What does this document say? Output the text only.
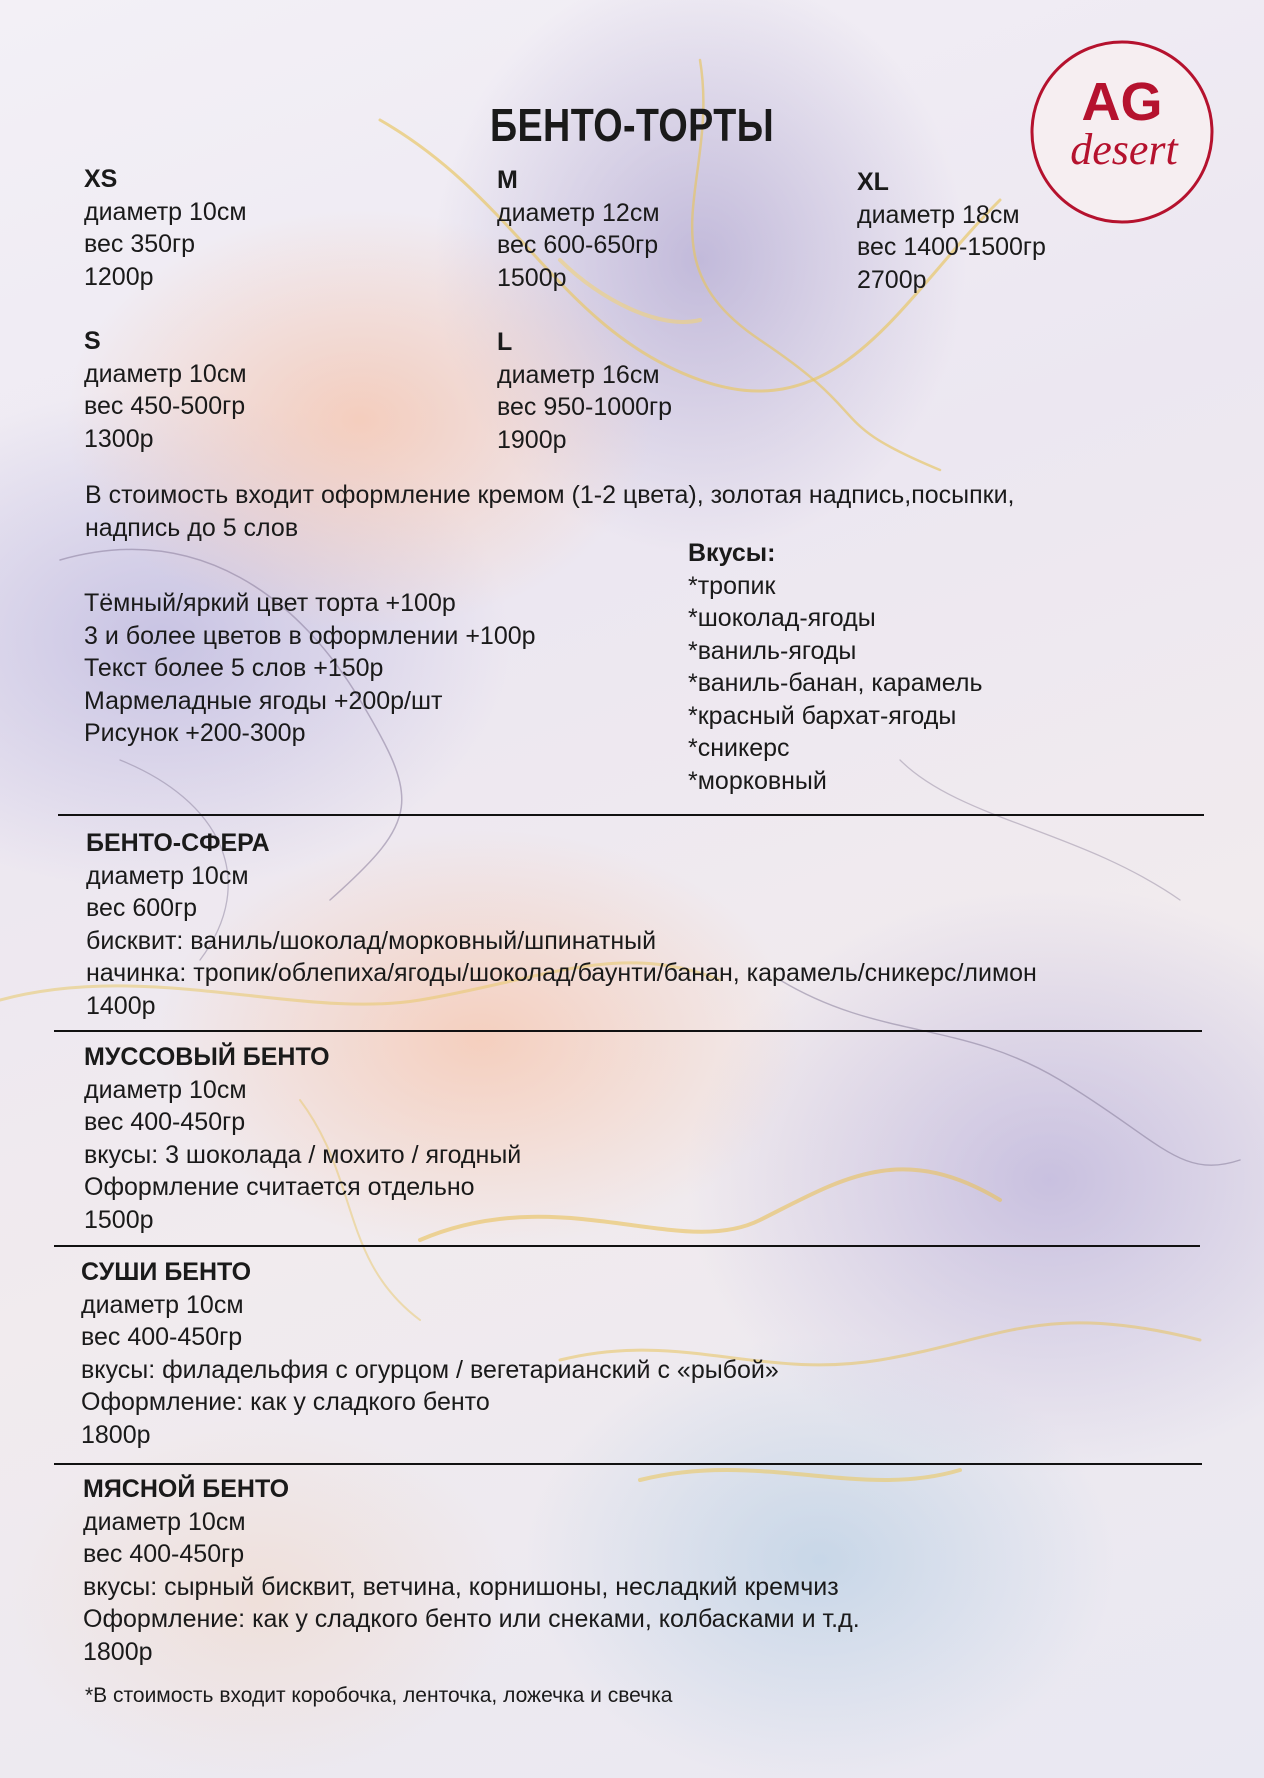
AG
desert
БЕНТО-ТОРТЫ
XS
диаметр 10см
вес 350гр
1200р
M
диаметр 12см
вес 600-650гр
1500р
XL
диаметр 18см
вес 1400-1500гр
2700р
S
диаметр 10см
вес 450-500гр
1300р
L
диаметр 16см
вес 950-1000гр
1900р
В стоимость входит оформление кремом (1-2 цвета), золотая надпись,посыпки,
надпись до 5 слов
Тёмный/яркий цвет торта +100р
3 и более цветов в оформлении +100р
Текст более 5 слов +150р
Мармеладные ягоды +200р/шт
Рисунок +200-300р
Вкусы:
*тропик
*шоколад-ягоды
*ваниль-ягоды
*ваниль-банан, карамель
*красный бархат-ягоды
*сникерс
*морковный
БЕНТО-СФЕРА
диаметр 10см
вес 600гр
бисквит: ваниль/шоколад/морковный/шпинатный
начинка: тропик/облепиха/ягоды/шоколад/баунти/банан, карамель/сникерс/лимон
1400р
МУССОВЫЙ БЕНТО
диаметр 10см
вес 400-450гр
вкусы: 3 шоколада / мохито / ягодный
Оформление считается отдельно
1500р
СУШИ БЕНТО
диаметр 10см
вес 400-450гр
вкусы: филадельфия с огурцом / вегетарианский с «рыбой»
Оформление: как у сладкого бенто
1800р
МЯСНОЙ БЕНТО
диаметр 10см
вес 400-450гр
вкусы: сырный бисквит, ветчина, корнишоны, несладкий кремчиз
Оформление: как у сладкого бенто или снеками, колбасками и т.д.
1800р
*В стоимость входит коробочка, ленточка, ложечка и свечка
